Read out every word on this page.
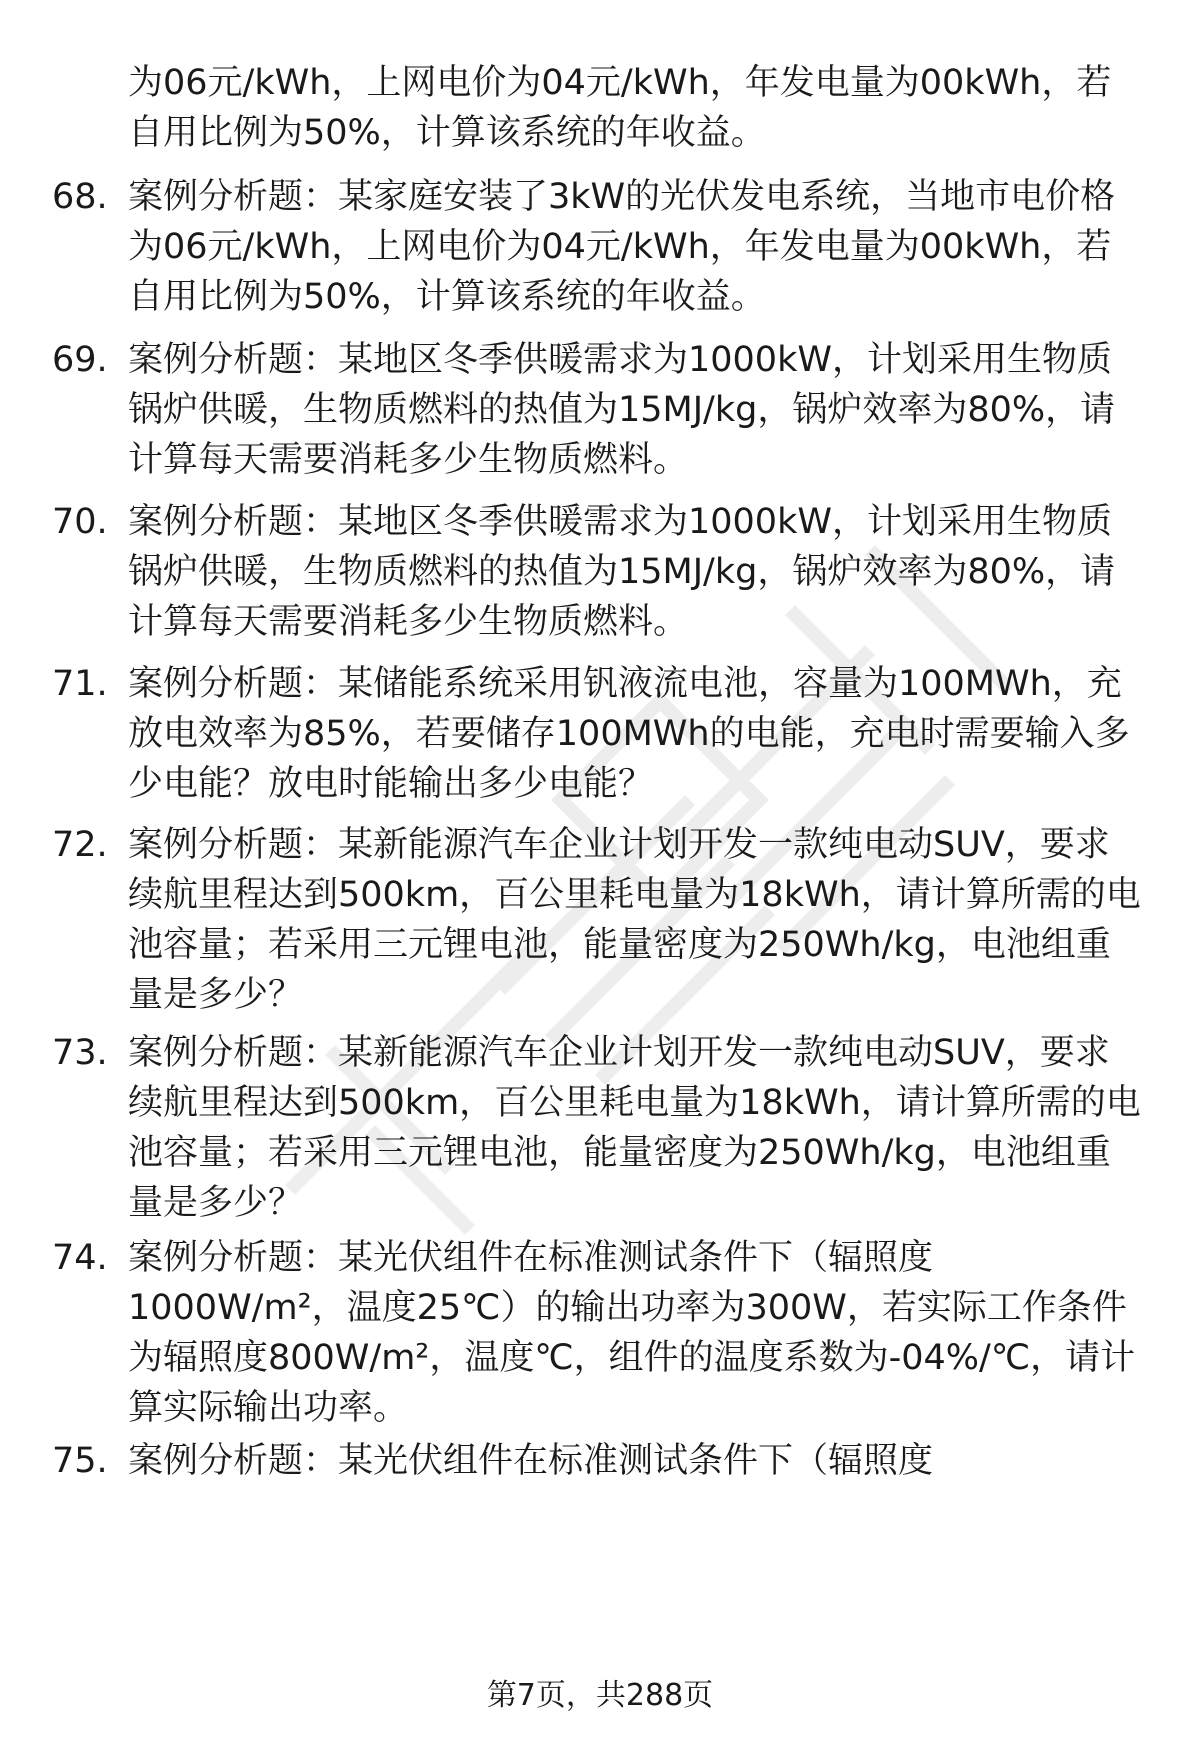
为06元/kWh，上网电价为04元/kWh，年发电量为00kWh，若
自用比例为50%，计算该系统的年收益。
68. 案例分析题：某家庭安装了3kW的光伏发电系统，当地市电价格
为06元/kWh，上网电价为04元/kWh，年发电量为00kWh，若
自用比例为50%，计算该系统的年收益。
69. 案例分析题：某地区冬季供暖需求为1000kW，计划采用生物质
锅炉供暖，生物质燃料的热值为15MJ/kg，锅炉效率为80%，请
计算每天需要消耗多少生物质燃料。
70. 案例分析题：某地区冬季供暖需求为1000kW，计划采用生物质
锅炉供暖，生物质燃料的热值为15MJ/kg，锅炉效率为80%，请
计算每天需要消耗多少生物质燃料。
71. 案例分析题：某储能系统采用钒液流电池，容量为100MWh，充
放电效率为85%，若要储存100MWh的电能，充电时需要输入多
少电能？放电时能输出多少电能？
72. 案例分析题：某新能源汽车企业计划开发一款纯电动SUV，要求
续航里程达到500km，百公里耗电量为18kWh，请计算所需的电
池容量；若采用三元锂电池，能量密度为250Wh/kg，电池组重
量是多少？
73. 案例分析题：某新能源汽车企业计划开发一款纯电动SUV，要求
续航里程达到500km，百公里耗电量为18kWh，请计算所需的电
池容量；若采用三元锂电池，能量密度为250Wh/kg，电池组重
量是多少？
74. 案例分析题：某光伏组件在标准测试条件下（辐照度
1000W/m²，温度25℃）的输出功率为300W，若实际工作条件
为辐照度800W/m²，温度℃，组件的温度系数为-04%/℃，请计
算实际输出功率。
75. 案例分析题：某光伏组件在标准测试条件下（辐照度
第7页，共288页
